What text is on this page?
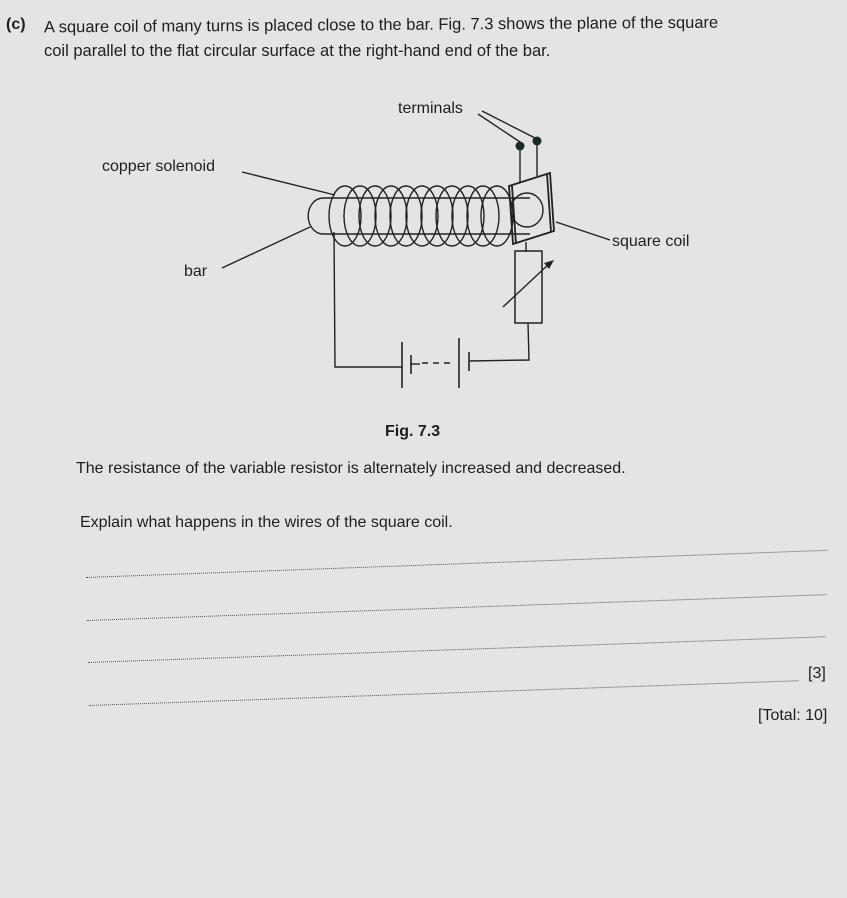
(c) A square coil of many turns is placed close to the bar. Fig. 7.3 shows the plane of the square
coil parallel to the flat circular surface at the right-hand end of the bar.
terminals
copper solenoid
bar
square coil
Fig. 7.3
The resistance of the variable resistor is alternately increased and decreased.
Explain what happens in the wires of the square coil.
[3]
[Total: 10]
